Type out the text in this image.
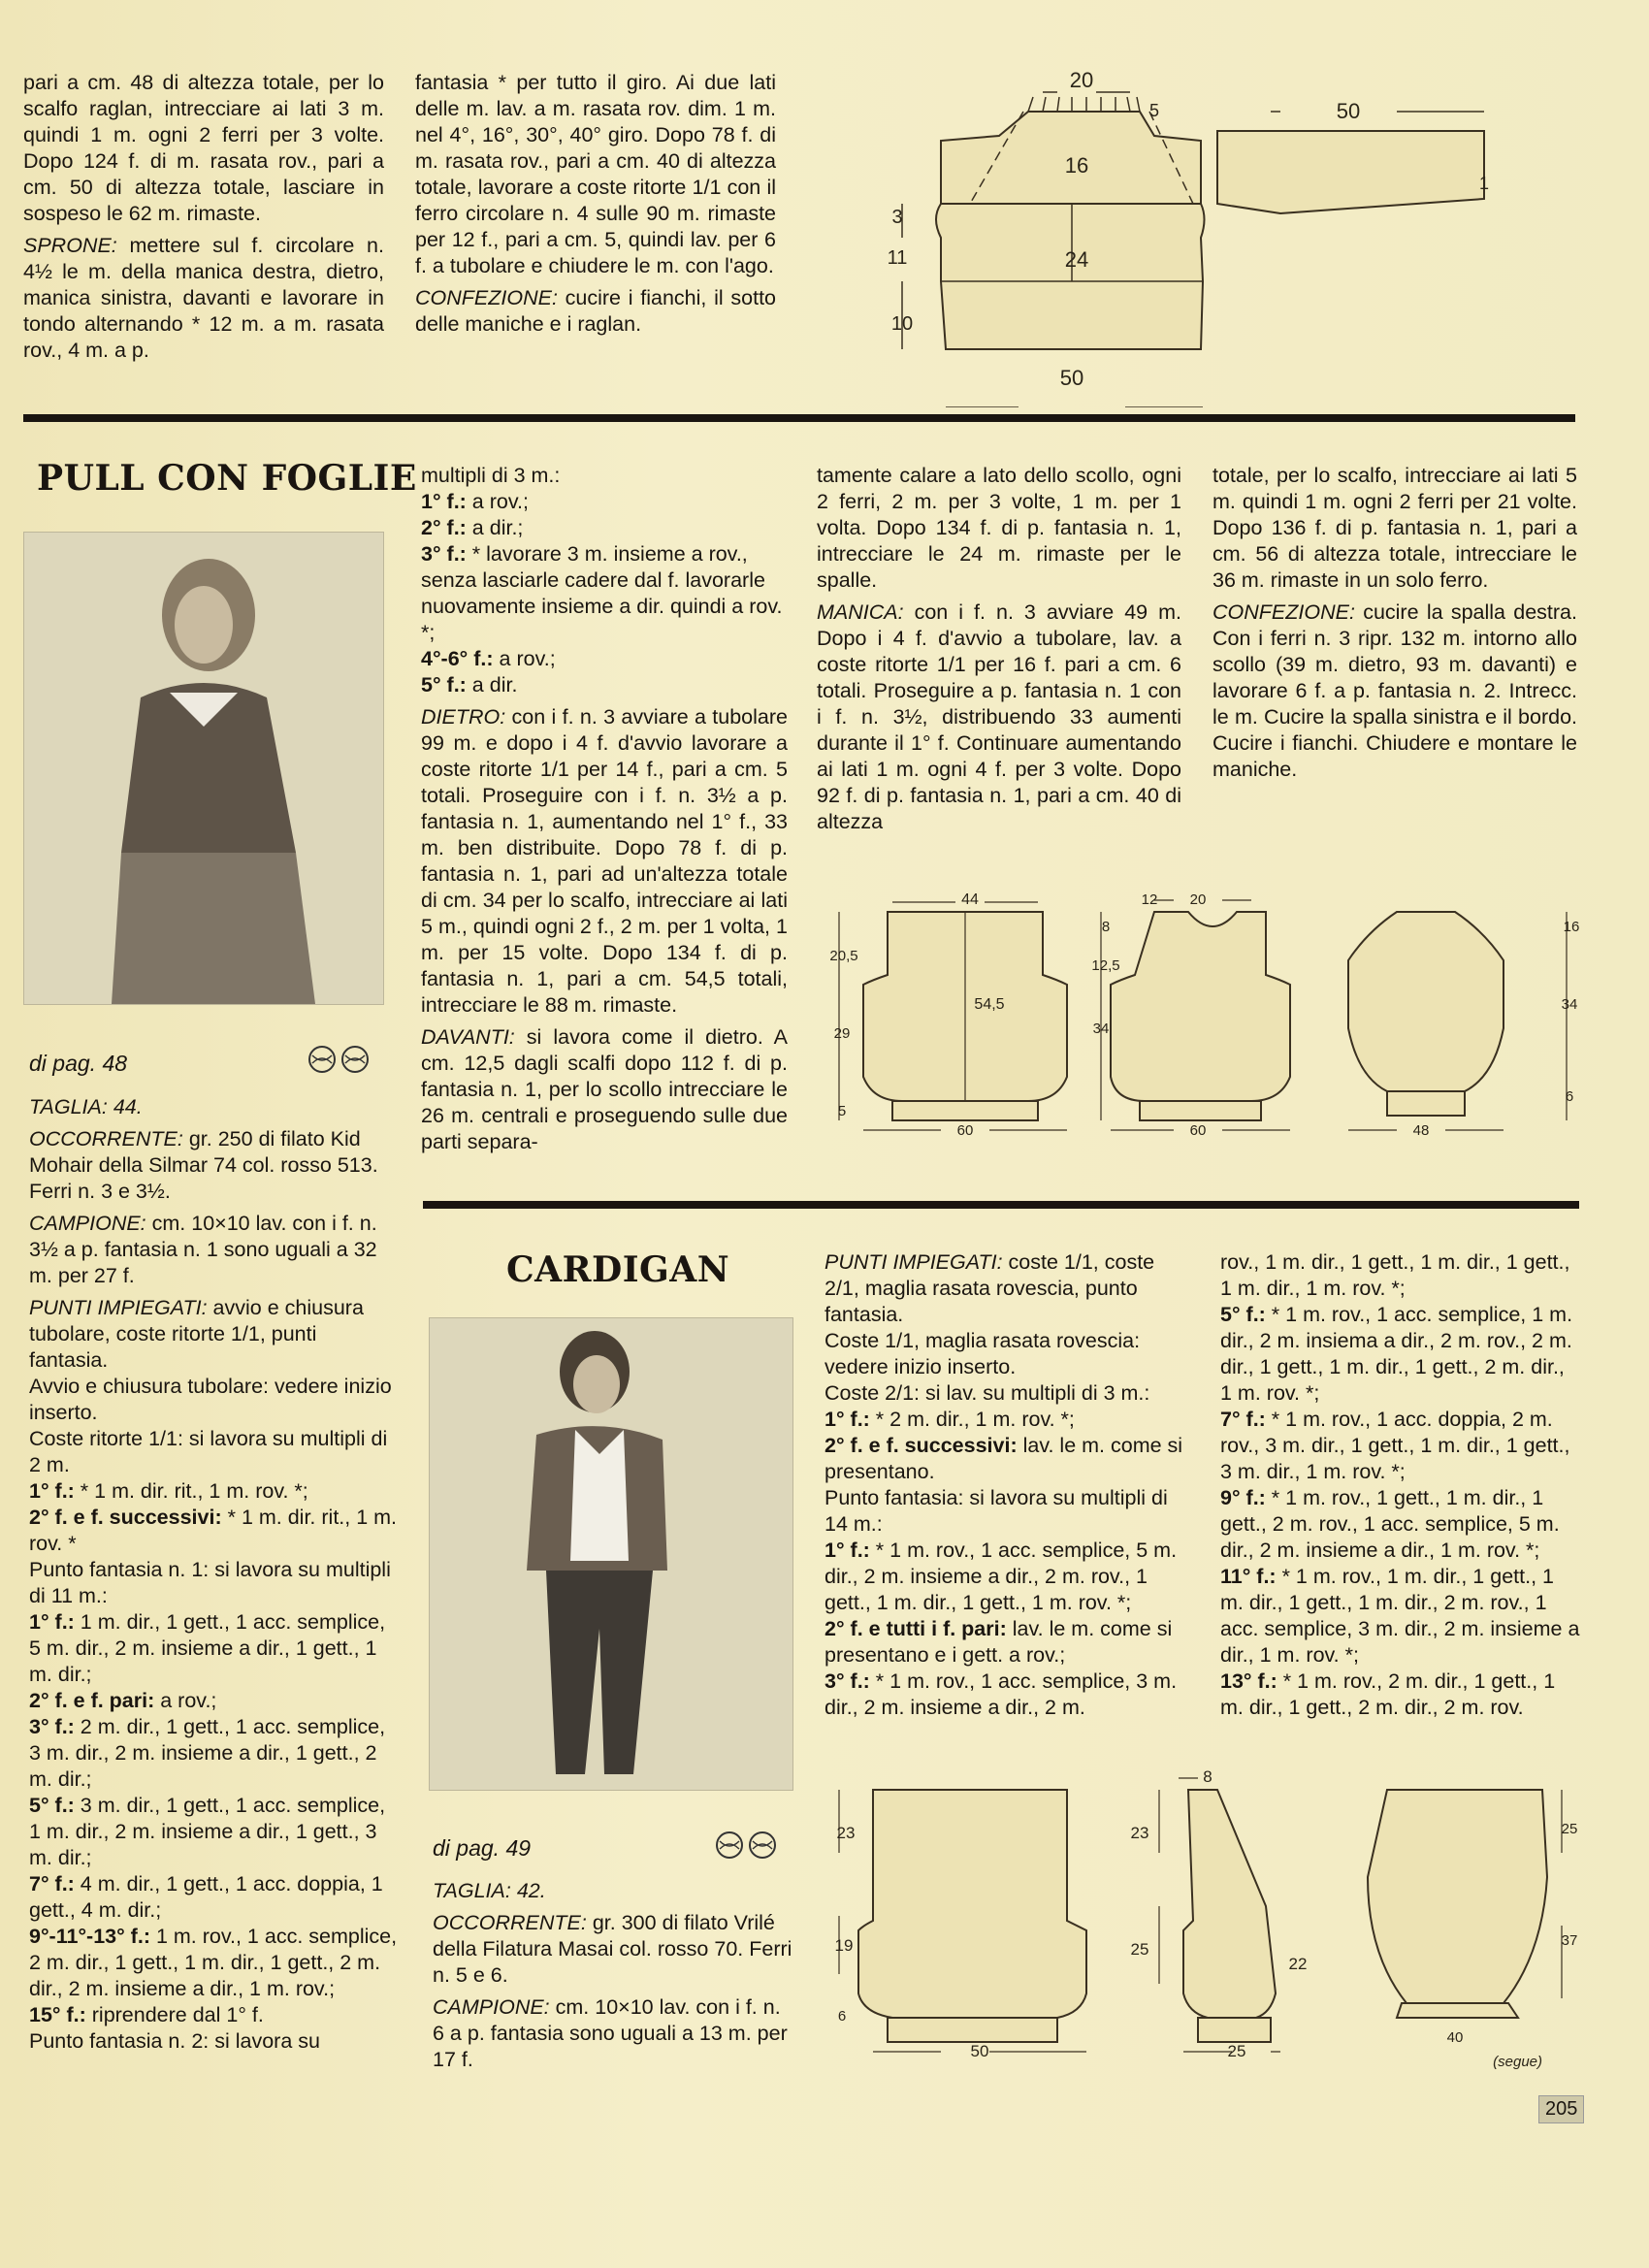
pari a cm. 48 di altezza totale, per lo scalfo raglan, intrecciare ai lati 3 m. quindi 1 m. ogni 2 ferri per 3 volte. Dopo 124 f. di m. rasata rov., pari a cm. 50 di altezza totale, lasciare in sospeso le 62 m. rimaste.

SPRONE: mettere sul f. circolare n. 4½ le m. della manica destra, dietro, manica sinistra, davanti e lavorare in tondo alternando * 12 m. a m. rasata rov., 4 m. a p.

fantasia * per tutto il giro. Ai due lati delle m. lav. a m. rasata rov. dim. 1 m. nel 4°, 16°, 30°, 40° giro. Dopo 78 f. di m. rasata rov., pari a cm. 40 di altezza totale, lavorare a coste ritorte 1/1 con il ferro circolare n. 4 sulle 90 m. rimaste per 12 f., pari a cm. 5, quindi lav. per 6 f. a tubolare e chiudere le m. con l'ago.

CONFEZIONE: cucire i fianchi, il sotto delle maniche e i raglan.

20
5	50
1
16
3
11	24
10
50
PULL CON FOGLIE
di pag. 48

TAGLIA: 44.

OCCORRENTE: gr. 250 di filato Kid Mohair della Silmar 74 col. rosso 513. Ferri n. 3 e 3½.

CAMPIONE: cm. 10×10 lav. con i f. n. 3½ a p. fantasia n. 1 sono uguali a 32 m. per 27 f.

PUNTI IMPIEGATI: avvio e chiusura tubolare, coste ritorte 1/1, punti fantasia.

Avvio e chiusura tubolare: vedere inizio inserto.
Coste ritorte 1/1: si lavora su multipli di 2 m.
1° f.: * 1 m. dir. rit., 1 m. rov. *;
2° f. e f. successivi: * 1 m. dir. rit., 1 m. rov. *
Punto fantasia n. 1: si lavora su multipli di 11 m.:
1° f.: 1 m. dir., 1 gett., 1 acc. semplice, 5 m. dir., 2 m. insieme a dir., 1 gett., 1 m. dir.;
2° f. e f. pari: a rov.;
3° f.: 2 m. dir., 1 gett., 1 acc. semplice, 3 m. dir., 2 m. insieme a dir., 1 gett., 2 m. dir.;
5° f.: 3 m. dir., 1 gett., 1 acc. semplice, 1 m. dir., 2 m. insieme a dir., 1 gett., 3 m. dir.;
7° f.: 4 m. dir., 1 gett., 1 acc. doppia, 1 gett., 4 m. dir.;
9°-11°-13° f.: 1 m. rov., 1 acc. semplice, 2 m. dir., 1 gett., 1 m. dir., 1 gett., 2 m. dir., 2 m. insieme a dir., 1 m. rov.;
15° f.: riprendere dal 1° f.
Punto fantasia n. 2: si lavora su
multipli di 3 m.:
1° f.: a rov.;
2° f.: a dir.;
3° f.: * lavorare 3 m. insieme a rov., senza lasciarle cadere dal f. lavorarle nuovamente insieme a dir. quindi a rov. *;
4°-6° f.: a rov.;
5° f.: a dir.

DIETRO: con i f. n. 3 avviare a tubolare 99 m. e dopo i 4 f. d'avvio lavorare a coste ritorte 1/1 per 14 f., pari a cm. 5 totali. Proseguire con i f. n. 3½ a p. fantasia n. 1, aumentando nel 1° f., 33 m. ben distribuite. Dopo 78 f. di p. fantasia n. 1, pari ad un'altezza totale di cm. 34 per lo scalfo, intrecciare ai lati 5 m., quindi ogni 2 f., 2 m. per 1 volta, 1 m. per 15 volte. Dopo 134 f. di p. fantasia n. 1, pari a cm. 54,5 totali, intrecciare le 88 m. rimaste.

DAVANTI: si lavora come il dietro. A cm. 12,5 dagli scalfi dopo 112 f. di p. fantasia n. 1, per lo scollo intrecciare le 26 m. centrali e proseguendo sulle due parti separa-

tamente calare a lato dello scollo, ogni 2 ferri, 2 m. per 3 volte, 1 m. per 1 volta. Dopo 134 f. di p. fantasia n. 1, intrecciare le 24 m. rimaste per le spalle.

MANICA: con i f. n. 3 avviare 49 m. Dopo i 4 f. d'avvio a tubolare, lav. a coste ritorte 1/1 per 16 f. pari a cm. 6 totali. Proseguire a p. fantasia n. 1 con i f. n. 3½, distribuendo 33 aumenti durante il 1° f. Continuare aumentando ai lati 1 m. ogni 4 f. per 3 volte. Dopo 92 f. di p. fantasia n. 1, pari a cm. 40 di altezza

totale, per lo scalfo, intrecciare ai lati 5 m. quindi 1 m. ogni 2 ferri per 21 volte. Dopo 136 f. di p. fantasia n. 1, pari a cm. 56 di altezza totale, intrecciare le 36 m. rimaste in un solo ferro.

CONFEZIONE: cucire la spalla destra. Con i ferri n. 3 ripr. 132 m. intorno allo scollo (39 m. dietro, 93 m. davanti) e lavorare 6 f. a p. fantasia n. 2. Intrecc. le m. Cucire la spalla sinistra e il bordo. Cucire i fianchi. Chiudere e montare le maniche.

44
20,5
54,5
29
5
60
12 20
8
12,5
34
60
16
34
6
48
CARDIGAN
di pag. 49

TAGLIA: 42.

OCCORRENTE: gr. 300 di filato Vrilé della Filatura Masai col. rosso 70. Ferri n. 5 e 6.

CAMPIONE: cm. 10×10 lav. con i f. n. 6 a p. fantasia sono uguali a 13 m. per 17 f.

PUNTI IMPIEGATI: coste 1/1, coste 2/1, maglia rasata rovescia, punto fantasia.
Coste 1/1, maglia rasata rovescia: vedere inizio inserto.
Coste 2/1: si lav. su multipli di 3 m.:
1° f.: * 2 m. dir., 1 m. rov. *;
2° f. e f. successivi: lav. le m. come si presentano.
Punto fantasia: si lavora su multipli di 14 m.:
1° f.: * 1 m. rov., 1 acc. semplice, 5 m. dir., 2 m. insieme a dir., 2 m. rov., 1 gett., 1 m. dir., 1 gett., 1 m. rov. *;
2° f. e tutti i f. pari: lav. le m. come si presentano e i gett. a rov.;
3° f.: * 1 m. rov., 1 acc. semplice, 3 m. dir., 2 m. insieme a dir., 2 m.
rov., 1 m. dir., 1 gett., 1 m. dir., 1 gett., 1 m. dir., 1 m. rov. *;
5° f.: * 1 m. rov., 1 acc. semplice, 1 m. dir., 2 m. insiema a dir., 2 m. rov., 2 m. dir., 1 gett., 1 m. dir., 1 gett., 2 m. dir., 1 m. rov. *;
7° f.: * 1 m. rov., 1 acc. doppia, 2 m. rov., 3 m. dir., 1 gett., 1 m. dir., 1 gett., 3 m. dir., 1 m. rov. *;
9° f.: * 1 m. rov., 1 gett., 1 m. dir., 1 gett., 2 m. rov., 1 acc. semplice, 5 m. dir., 2 m. insieme a dir., 1 m. rov. *;
11° f.: * 1 m. rov., 1 m. dir., 1 gett., 1 m. dir., 1 gett., 1 m. dir., 2 m. rov., 1 acc. semplice, 3 m. dir., 2 m. insieme a dir., 1 m. rov. *;
13° f.: * 1 m. rov., 2 m. dir., 1 gett., 1 m. dir., 1 gett., 2 m. dir., 2 m. rov.
23
19
6
50
8
23
25
22
25
25
37
40
(segue)
205
